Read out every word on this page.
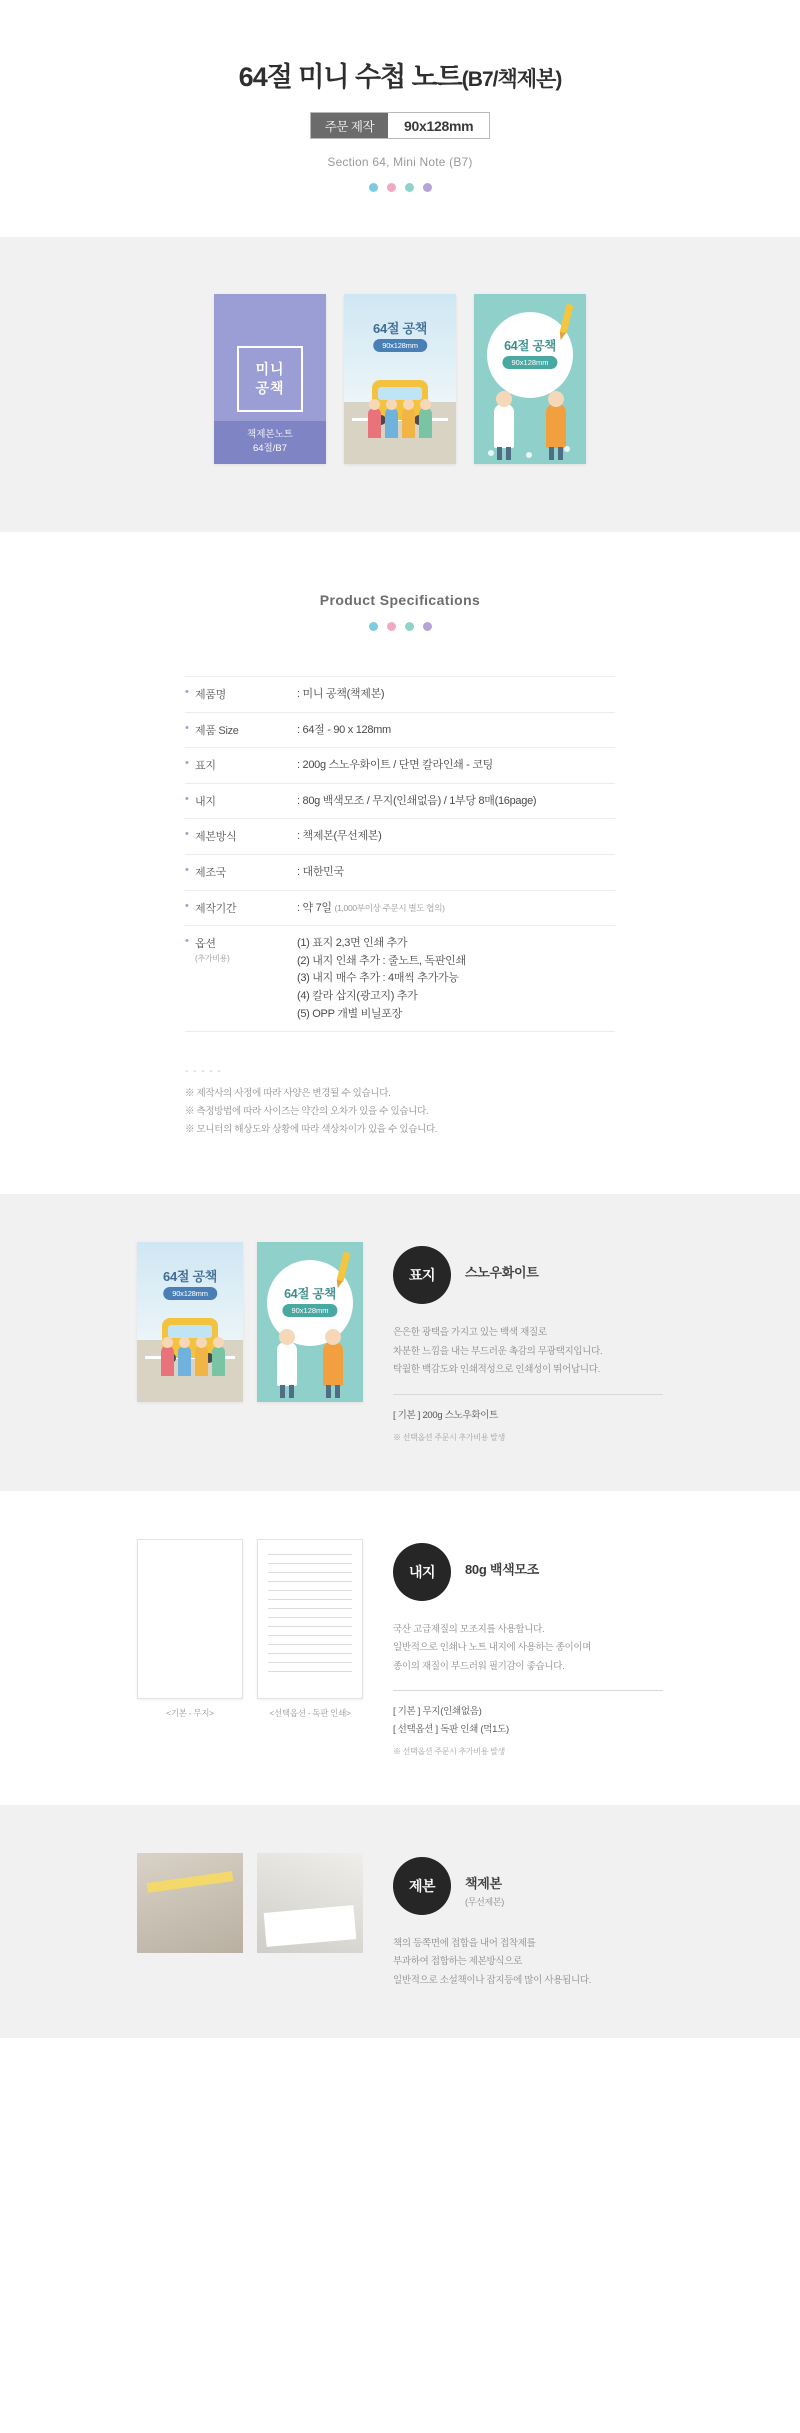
64절 미니 수첩 노트(B7/책제본)
주문 제작	90x128mm
Section 64, Mini Note (B7)
미니
공책
책제본노트
64절/B7
64절 공책
90x128mm	64절 공책
90x128mm
Product Specifications
• 제품명	: 미니 공책(책제본)
• 제품 Size	: 64절 - 90 x 128mm
• 표지	: 200g 스노우화이트 / 단면 칼라인쇄 - 코팅
• 내지	: 80g 백색모조 / 무지(인쇄없음) / 1부당 8매(16page)
• 제본방식	: 책제본(무선제본)
• 제조국	: 대한민국
• 제작기간	: 약 7일 (1,000부이상 주문시 별도 협의)
• 옵션
(추가비용)
(1) 표지 2,3면 인쇄 추가
(2) 내지 인쇄 추가 : 줄노트, 독판인쇄
(3) 내지 매수 추가 : 4매씩 추가가능
(4) 칼라 삽지(광고지) 추가
(5) OPP 개별 비닐포장
- - - - -

※ 제작사의 사정에 따라 사양은 변경될 수 있습니다.

※ 측정방법에 따라 사이즈는 약간의 오차가 있을 수 있습니다.

※ 모니터의 해상도와 상황에 따라 색상차이가 있을 수 있습니다.

64절 공책
90x128mm	64절 공책
90x128mm
표지	스노우화이트

은은한 광택을 가지고 있는 백색 재질로

차분한 느낌을 내는 부드러운 촉감의 무광택지입니다.

탁월한 백감도와 인쇄적성으로 인쇄성이 뛰어납니다.

[ 기본 ] 200g 스노우화이트
※ 선택옵션 주문시 추가비용 발생
<기본 - 무지>	<선택옵션 - 독판 인쇄>
내지	80g 백색모조

국산 고급제질의 모조지를 사용합니다.

일반적으로 인쇄나 노트 내지에 사용하는 종이이며

종이의 재질이 부드러워 필기감이 좋습니다.

[ 기본 ] 무지(인쇄없음)
[ 선택옵션 ] 독판 인쇄 (먹1도)
※ 선택옵션 주문시 추가비용 발생
제본	책제본
(무선제본)

책의 등쪽면에 접합을 내어 접착제를

부과하여 접합하는 제본방식으로

일반적으로 소설책이나 잡지등에 많이 사용됩니다.
